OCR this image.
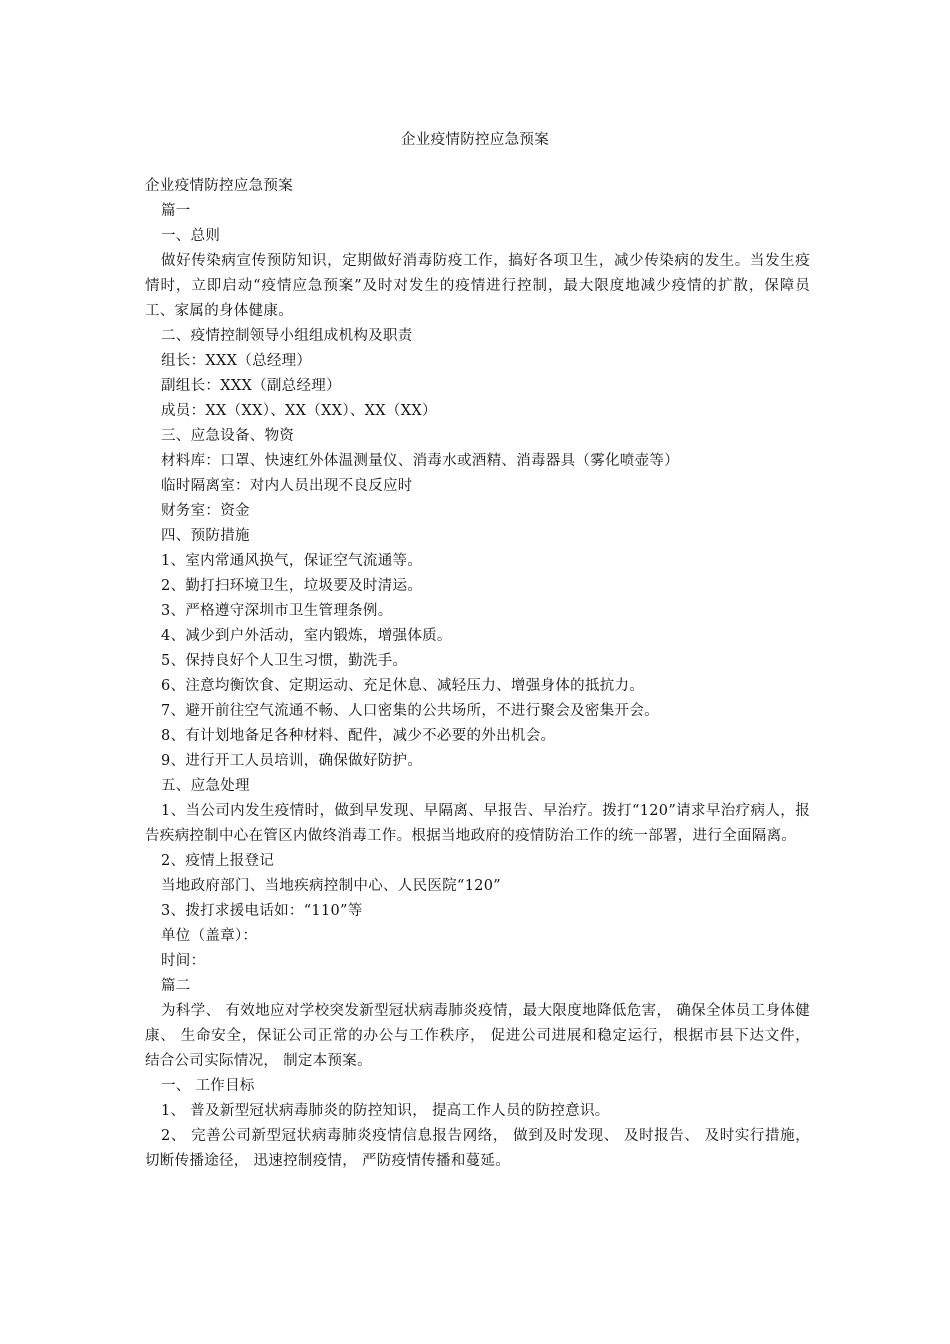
企业疫情防控应急预案
企业疫情防控应急预案
篇一
一、总则
做好传染病宣传预防知识，定期做好消毒防疫工作，搞好各项卫生，减少传染病的发生。当发生疫情时，立即启动“疫情应急预案”及时对发生的疫情进行控制，最大限度地减少疫情的扩散，保障员工、家属的身体健康。
二、疫情控制领导小组组成机构及职责
组长：XXX（总经理）
副组长：XXX（副总经理）
成员：XX（XX）、XX（XX）、XX（XX）
三、应急设备、物资
材料库：口罩、快速红外体温测量仪、消毒水或酒精、消毒器具（雾化喷壶等）
临时隔离室：对内人员出现不良反应时
财务室：资金
四、预防措施
1、室内常通风换气，保证空气流通等。
2、勤打扫环境卫生，垃圾要及时清运。
3、严格遵守深圳市卫生管理条例。
4、减少到户外活动，室内锻炼，增强体质。
5、保持良好个人卫生习惯，勤洗手。
6、注意均衡饮食、定期运动、充足休息、减轻压力、增强身体的抵抗力。
7、避开前往空气流通不畅、人口密集的公共场所，不进行聚会及密集开会。
8、有计划地备足各种材料、配件，减少不必要的外出机会。
9、进行开工人员培训，确保做好防护。
五、应急处理
1、当公司内发生疫情时，做到早发现、早隔离、早报告、早治疗。拨打“120”请求早治疗病人，报告疾病控制中心在管区内做终消毒工作。根据当地政府的疫情防治工作的统一部署，进行全面隔离。
2、疫情上报登记
当地政府部门、当地疾病控制中心、人民医院“120”
3、拨打求援电话如：“110”等
单位（盖章）：
时间：
篇二
为科学、 有效地应对学校突发新型冠状病毒肺炎疫情，最大限度地降低危害， 确保全体员工身体健康、 生命安全，保证公司正常的办公与工作秩序， 促进公司进展和稳定运行，根据市县下达文件， 结合公司实际情况， 制定本预案。
一、 工作目标
1、 普及新型冠状病毒肺炎的防控知识， 提高工作人员的防控意识。
2、 完善公司新型冠状病毒肺炎疫情信息报告网络， 做到及时发现、 及时报告、 及时实行措施， 切断传播途径， 迅速控制疫情， 严防疫情传播和蔓延。
